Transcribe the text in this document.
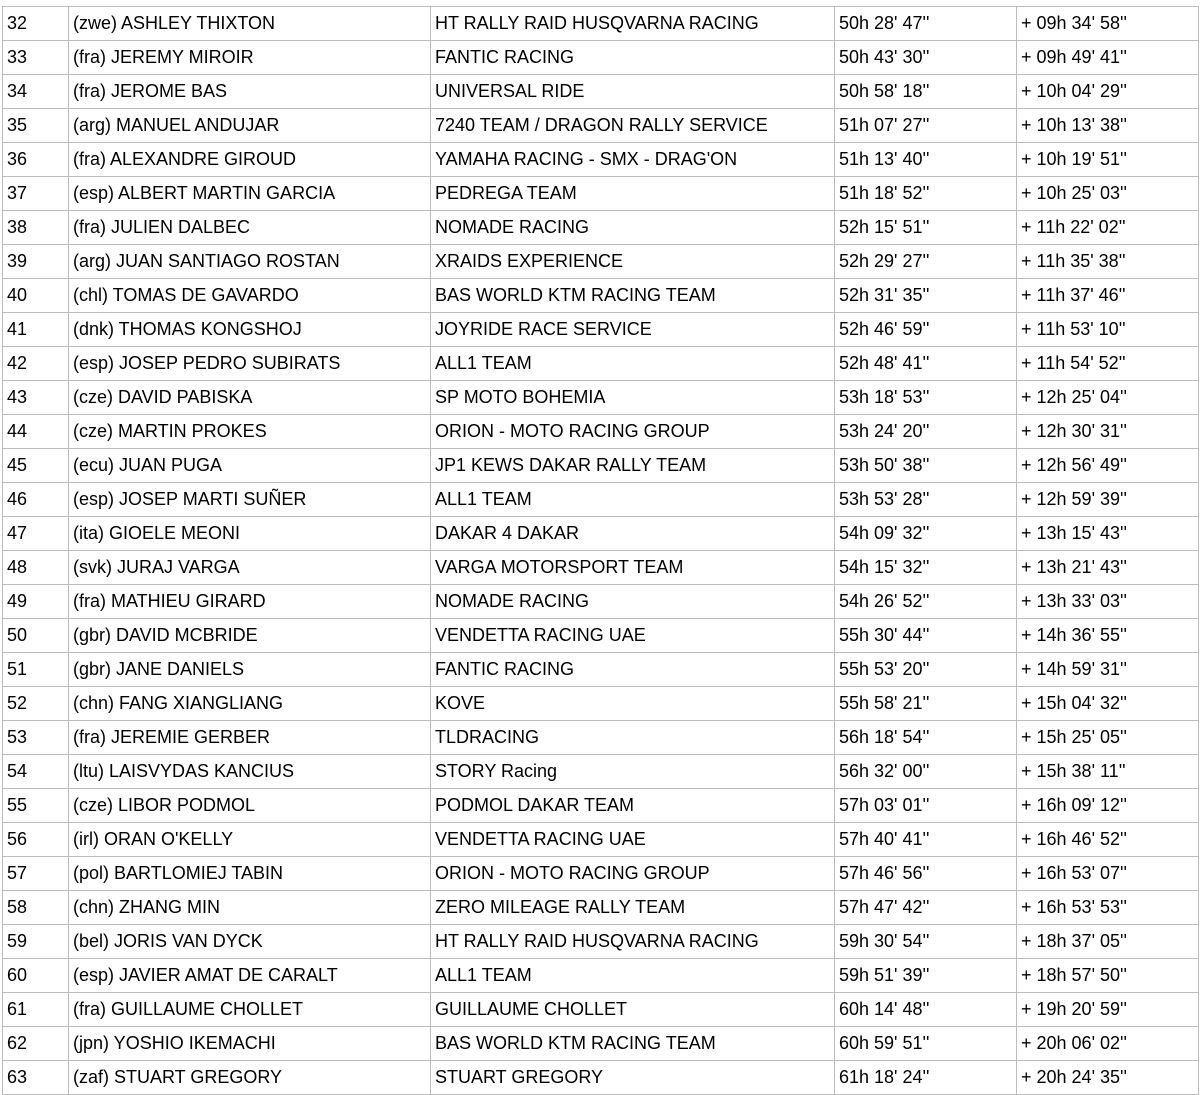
32	(zwe) ASHLEY THIXTON	HT RALLY RAID HUSQVARNA RACING	50h 28' 47''	+ 09h 34' 58''
33	(fra) JEREMY MIROIR	FANTIC RACING	50h 43' 30''	+ 09h 49' 41''
34	(fra) JEROME BAS	UNIVERSAL RIDE	50h 58' 18''	+ 10h 04' 29''
35	(arg) MANUEL ANDUJAR	7240 TEAM / DRAGON RALLY SERVICE	51h 07' 27''	+ 10h 13' 38''
36	(fra) ALEXANDRE GIROUD	YAMAHA RACING - SMX - DRAG'ON	51h 13' 40''	+ 10h 19' 51''
37	(esp) ALBERT MARTIN GARCIA	PEDREGA TEAM	51h 18' 52''	+ 10h 25' 03''
38	(fra) JULIEN DALBEC	NOMADE RACING	52h 15' 51''	+ 11h 22' 02''
39	(arg) JUAN SANTIAGO ROSTAN	XRAIDS EXPERIENCE	52h 29' 27''	+ 11h 35' 38''
40	(chl) TOMAS DE GAVARDO	BAS WORLD KTM RACING TEAM	52h 31' 35''	+ 11h 37' 46''
41	(dnk) THOMAS KONGSHOJ	JOYRIDE RACE SERVICE	52h 46' 59''	+ 11h 53' 10''
42	(esp) JOSEP PEDRO SUBIRATS	ALL1 TEAM	52h 48' 41''	+ 11h 54' 52''
43	(cze) DAVID PABISKA	SP MOTO BOHEMIA	53h 18' 53''	+ 12h 25' 04''
44	(cze) MARTIN PROKES	ORION - MOTO RACING GROUP	53h 24' 20''	+ 12h 30' 31''
45	(ecu) JUAN PUGA	JP1 KEWS DAKAR RALLY TEAM	53h 50' 38''	+ 12h 56' 49''
46	(esp) JOSEP MARTI SUÑER	ALL1 TEAM	53h 53' 28''	+ 12h 59' 39''
47	(ita) GIOELE MEONI	DAKAR 4 DAKAR	54h 09' 32''	+ 13h 15' 43''
48	(svk) JURAJ VARGA	VARGA MOTORSPORT TEAM	54h 15' 32''	+ 13h 21' 43''
49	(fra) MATHIEU GIRARD	NOMADE RACING	54h 26' 52''	+ 13h 33' 03''
50	(gbr) DAVID MCBRIDE	VENDETTA RACING UAE	55h 30' 44''	+ 14h 36' 55''
51	(gbr) JANE DANIELS	FANTIC RACING	55h 53' 20''	+ 14h 59' 31''
52	(chn) FANG XIANGLIANG	KOVE	55h 58' 21''	+ 15h 04' 32''
53	(fra) JEREMIE GERBER	TLDRACING	56h 18' 54''	+ 15h 25' 05''
54	(ltu) LAISVYDAS KANCIUS	STORY Racing	56h 32' 00''	+ 15h 38' 11''
55	(cze) LIBOR PODMOL	PODMOL DAKAR TEAM	57h 03' 01''	+ 16h 09' 12''
56	(irl) ORAN O'KELLY	VENDETTA RACING UAE	57h 40' 41''	+ 16h 46' 52''
57	(pol) BARTLOMIEJ TABIN	ORION - MOTO RACING GROUP	57h 46' 56''	+ 16h 53' 07''
58	(chn) ZHANG MIN	ZERO MILEAGE RALLY TEAM	57h 47' 42''	+ 16h 53' 53''
59	(bel) JORIS VAN DYCK	HT RALLY RAID HUSQVARNA RACING	59h 30' 54''	+ 18h 37' 05''
60	(esp) JAVIER AMAT DE CARALT	ALL1 TEAM	59h 51' 39''	+ 18h 57' 50''
61	(fra) GUILLAUME CHOLLET	GUILLAUME CHOLLET	60h 14' 48''	+ 19h 20' 59''
62	(jpn) YOSHIO IKEMACHI	BAS WORLD KTM RACING TEAM	60h 59' 51''	+ 20h 06' 02''
63	(zaf) STUART GREGORY	STUART GREGORY	61h 18' 24''	+ 20h 24' 35''
